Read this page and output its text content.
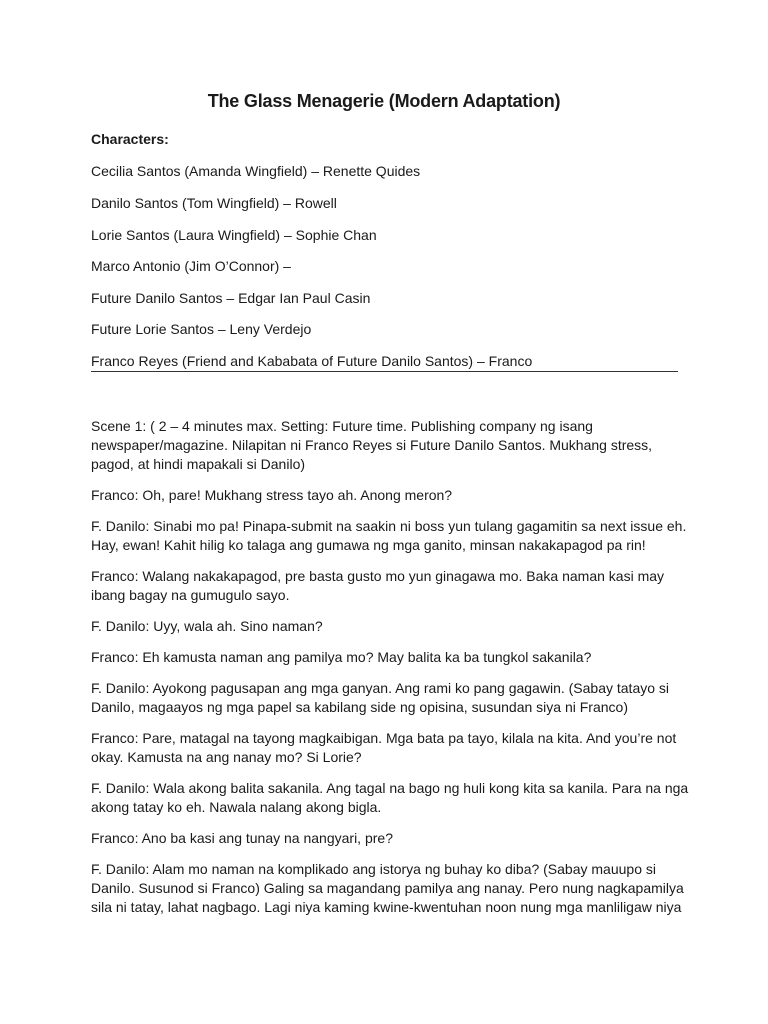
The Glass Menagerie (Modern Adaptation)
Characters:
Cecilia Santos (Amanda Wingfield) – Renette Quides
Danilo Santos (Tom Wingfield) – Rowell
Lorie Santos (Laura Wingfield) – Sophie Chan
Marco Antonio (Jim O’Connor) –
Future Danilo Santos – Edgar Ian Paul Casin
Future Lorie Santos – Leny Verdejo
Franco Reyes (Friend and Kababata of Future Danilo Santos) – Franco

Scene 1: ( 2 – 4 minutes max. Setting: Future time. Publishing company ng isang newspaper/magazine. Nilapitan ni Franco Reyes si Future Danilo Santos. Mukhang stress, pagod, at hindi mapakali si Danilo)

Franco: Oh, pare! Mukhang stress tayo ah. Anong meron?

F. Danilo: Sinabi mo pa! Pinapa-submit na saakin ni boss yun tulang gagamitin sa next issue eh. Hay, ewan! Kahit hilig ko talaga ang gumawa ng mga ganito, minsan nakakapagod pa rin!

Franco: Walang nakakapagod, pre basta gusto mo yun ginagawa mo. Baka naman kasi may ibang bagay na gumugulo sayo.

F. Danilo: Uyy, wala ah. Sino naman?

Franco: Eh kamusta naman ang pamilya mo? May balita ka ba tungkol sakanila?

F. Danilo: Ayokong pagusapan ang mga ganyan. Ang rami ko pang gagawin. (Sabay tatayo si Danilo, magaayos ng mga papel sa kabilang side ng opisina, susundan siya ni Franco)

Franco: Pare, matagal na tayong magkaibigan. Mga bata pa tayo, kilala na kita. And you’re not okay. Kamusta na ang nanay mo? Si Lorie?

F. Danilo: Wala akong balita sakanila. Ang tagal na bago ng huli kong kita sa kanila. Para na nga akong tatay ko eh. Nawala nalang akong bigla.

Franco: Ano ba kasi ang tunay na nangyari, pre?

F. Danilo: Alam mo naman na komplikado ang istorya ng buhay ko diba? (Sabay mauupo si Danilo. Susunod si Franco) Galing sa magandang pamilya ang nanay. Pero nung nagkapamilya sila ni tatay, lahat nagbago. Lagi niya kaming kwine-kwentuhan noon nung mga manliligaw niya
